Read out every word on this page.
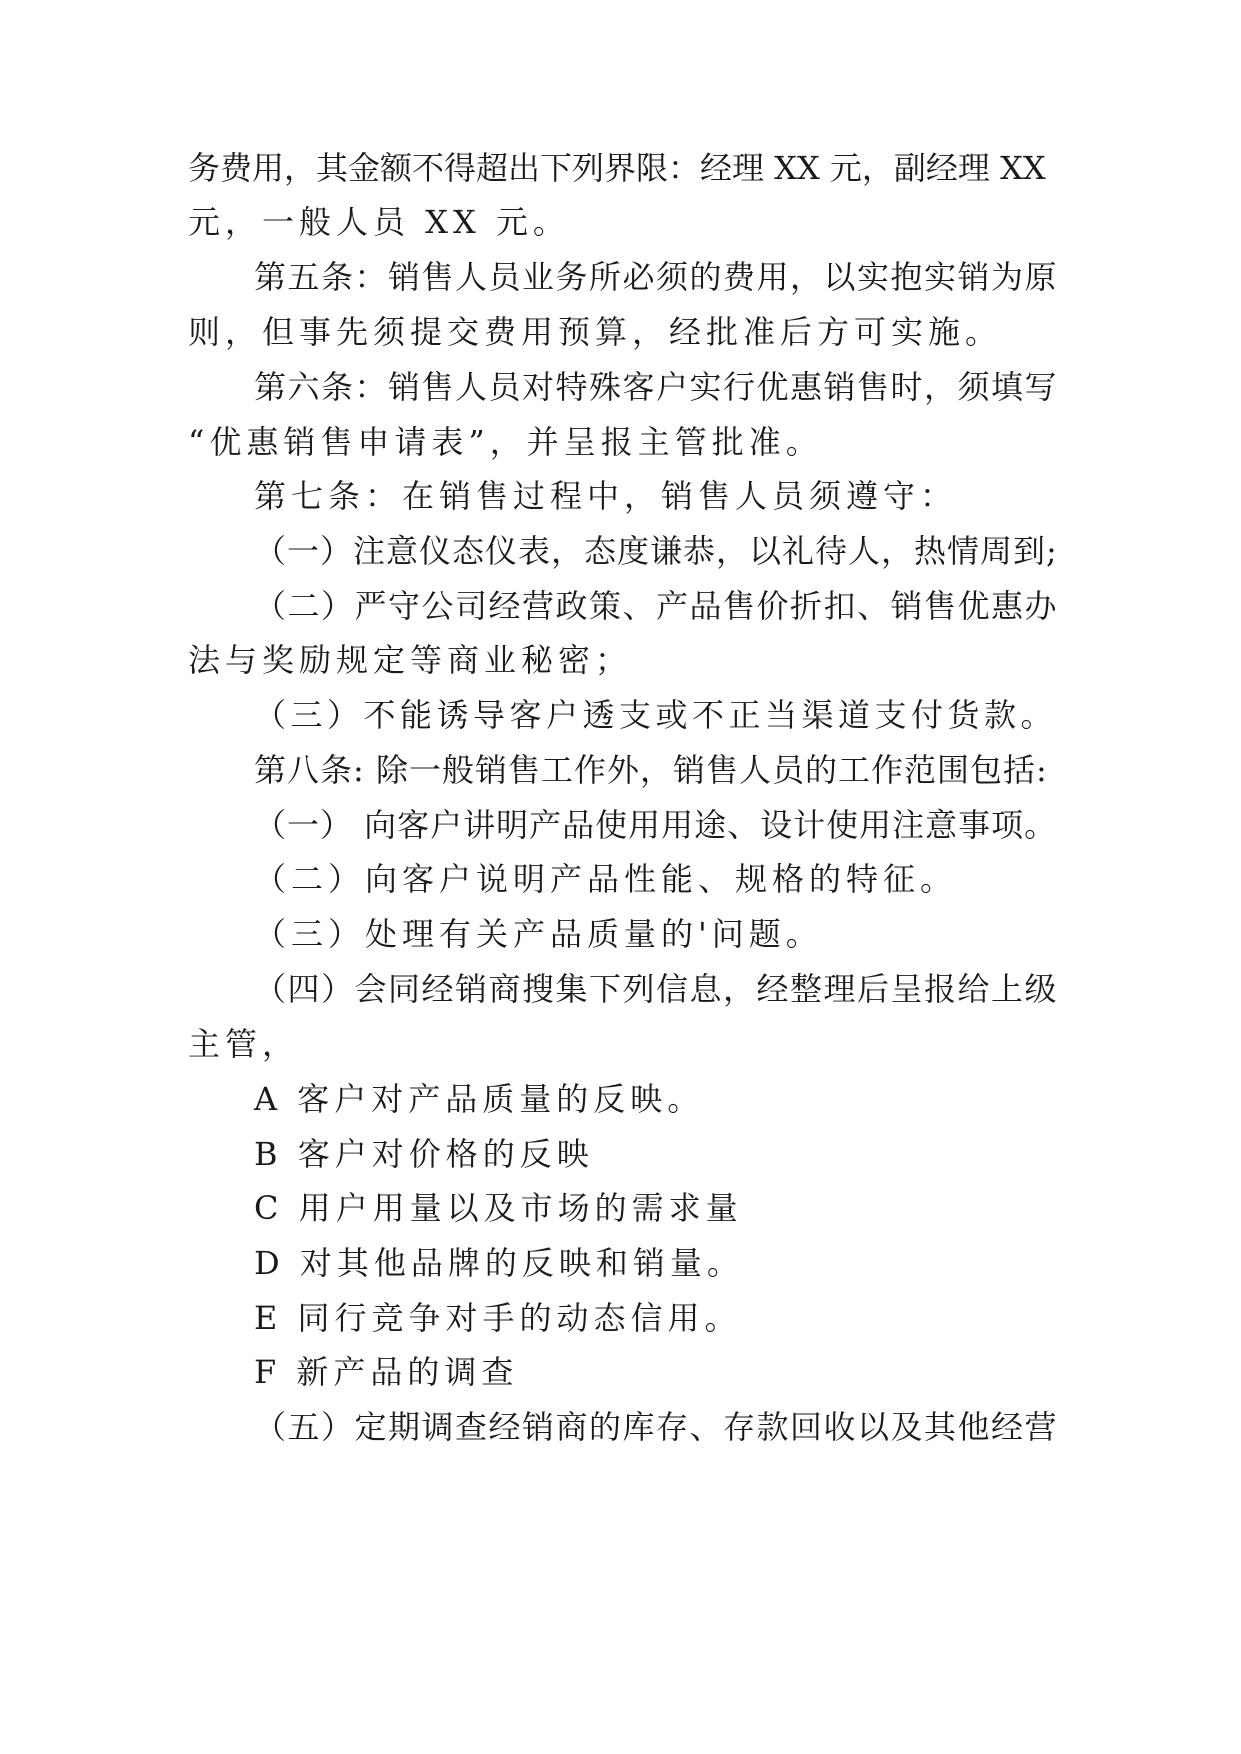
务费用，其金额不得超出下列界限：经理 XX 元，副经理 XX
元，一般人员 XX 元。
第五条：销售人员业务所必须的费用，以实抱实销为原
则，但事先须提交费用预算，经批准后方可实施。
第六条：销售人员对特殊客户实行优惠销售时，须填写
“优惠销售申请表”，并呈报主管批准。
第七条：在销售过程中，销售人员须遵守：
（一）注意仪态仪表，态度谦恭，以礼待人，热情周到;
（二）严守公司经营政策、产品售价折扣、销售优惠办
法与奖励规定等商业秘密；
（三）不能诱导客户透支或不正当渠道支付货款。
第八条: 除一般销售工作外，销售人员的工作范围包括:
（一） 向客户讲明产品使用用途、设计使用注意事项。
（二）向客户说明产品性能、规格的特征。
（三）处理有关产品质量的'问题。
（四）会同经销商搜集下列信息，经整理后呈报给上级
主管，
A 客户对产品质量的反映。
B 客户对价格的反映
C 用户用量以及市场的需求量
D 对其他品牌的反映和销量。
E 同行竞争对手的动态信用。
F 新产品的调查
（五）定期调查经销商的库存、存款回收以及其他经营
